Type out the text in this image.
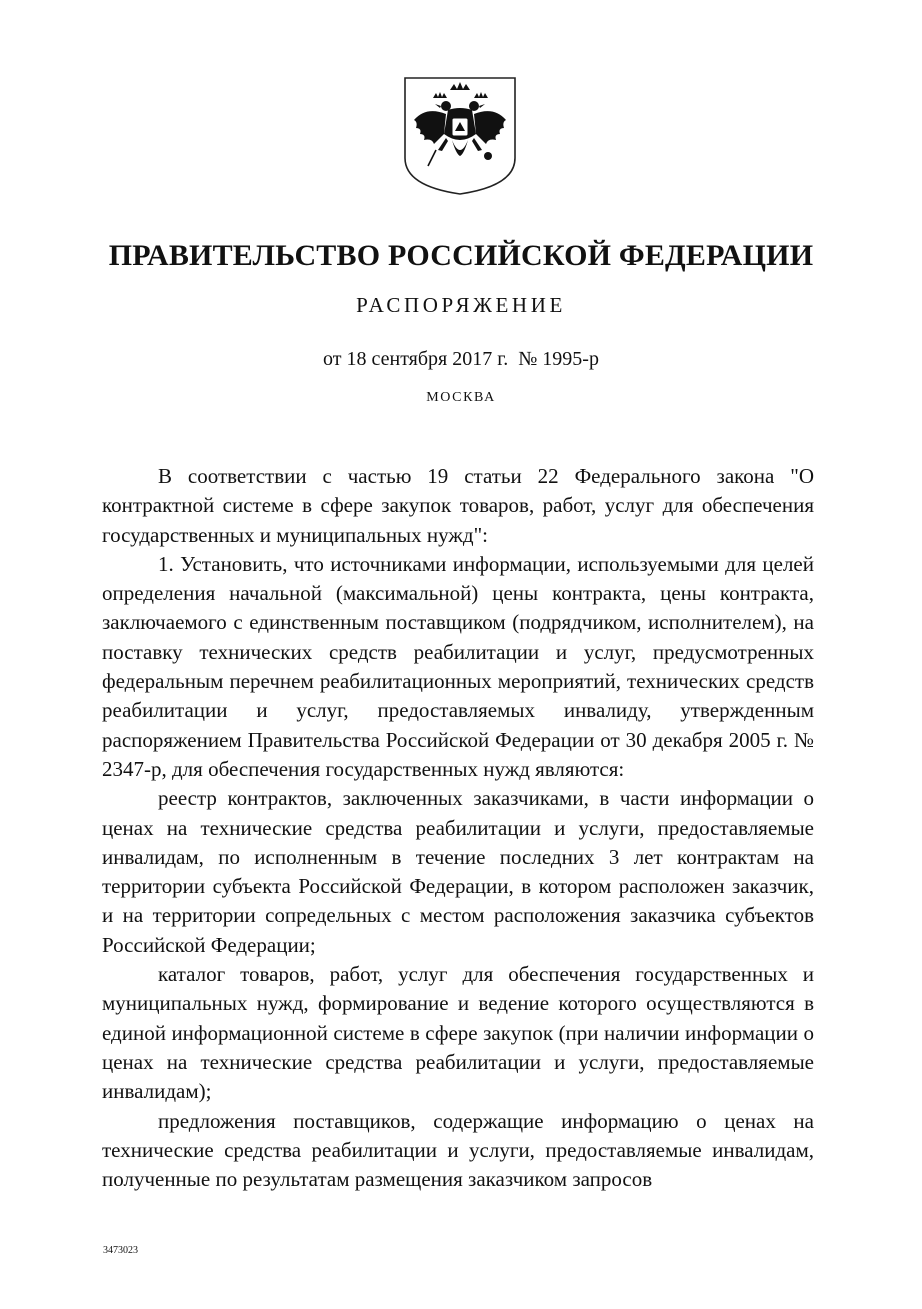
ПРАВИТЕЛЬСТВО РОССИЙСКОЙ ФЕДЕРАЦИИ
РАСПОРЯЖЕНИЕ
от 18 сентября 2017 г.  № 1995-р
МОСКВА

В соответствии с частью 19 статьи 22 Федерального закона "О контрактной системе в сфере закупок товаров, работ, услуг для обеспечения государственных и муниципальных нужд":

1. Установить, что источниками информации, используемыми для целей определения начальной (максимальной) цены контракта, цены контракта, заключаемого с единственным поставщиком (подрядчиком, исполнителем), на поставку технических средств реабилитации и услуг, предусмотренных федеральным перечнем реабилитационных мероприятий, технических средств реабилитации и услуг, предоставляемых инвалиду, утвержденным распоряжением Правительства Российской Федерации от 30 декабря 2005 г. № 2347-р, для обеспечения государственных нужд являются:

реестр контрактов, заключенных заказчиками, в части информации о ценах на технические средства реабилитации и услуги, предоставляемые инвалидам, по исполненным в течение последних 3 лет контрактам на территории субъекта Российской Федерации, в котором расположен заказчик, и на территории сопредельных с местом расположения заказчика субъектов Российской Федерации;

каталог товаров, работ, услуг для обеспечения государственных и муниципальных нужд, формирование и ведение которого осуществляются в единой информационной системе в сфере закупок (при наличии информации о ценах на технические средства реабилитации и услуги, предоставляемые инвалидам);

предложения поставщиков, содержащие информацию о ценах на технические средства реабилитации и услуги, предоставляемые инвалидам, полученные по результатам размещения заказчиком запросов

3473023
